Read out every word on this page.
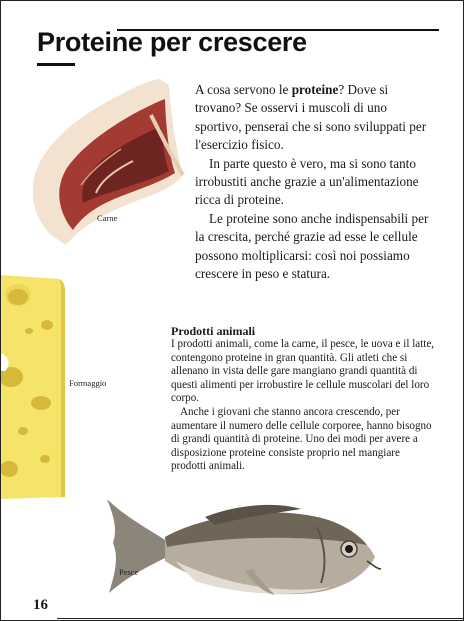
Proteine per crescere
Carne

A cosa servono le proteine? Dove si trovano? Se osservi i muscoli di uno sportivo, penserai che si sono sviluppati per l'esercizio fisico.

In parte questo è vero, ma si sono tanto irrobustiti anche grazie a un'alimentazione ricca di proteine.

Le proteine sono anche indispensabili per la crescita, perché grazie ad esse le cellule possono moltiplicarsi: così noi possiamo crescere in peso e statura.

Formaggio
Prodotti animali

I prodotti animali, come la carne, il pesce, le uova e il latte, contengono proteine in gran quantità. Gli atleti che si allenano in vista delle gare mangiano grandi quantità di questi alimenti per irrobustire le cellule muscolari del loro corpo.

Anche i giovani che stanno ancora crescendo, per aumentare il numero delle cellule corporee, hanno bisogno di grandi quantità di proteine. Uno dei modi per avere a disposizione proteine consiste proprio nel mangiare prodotti animali.

Pesce
16
